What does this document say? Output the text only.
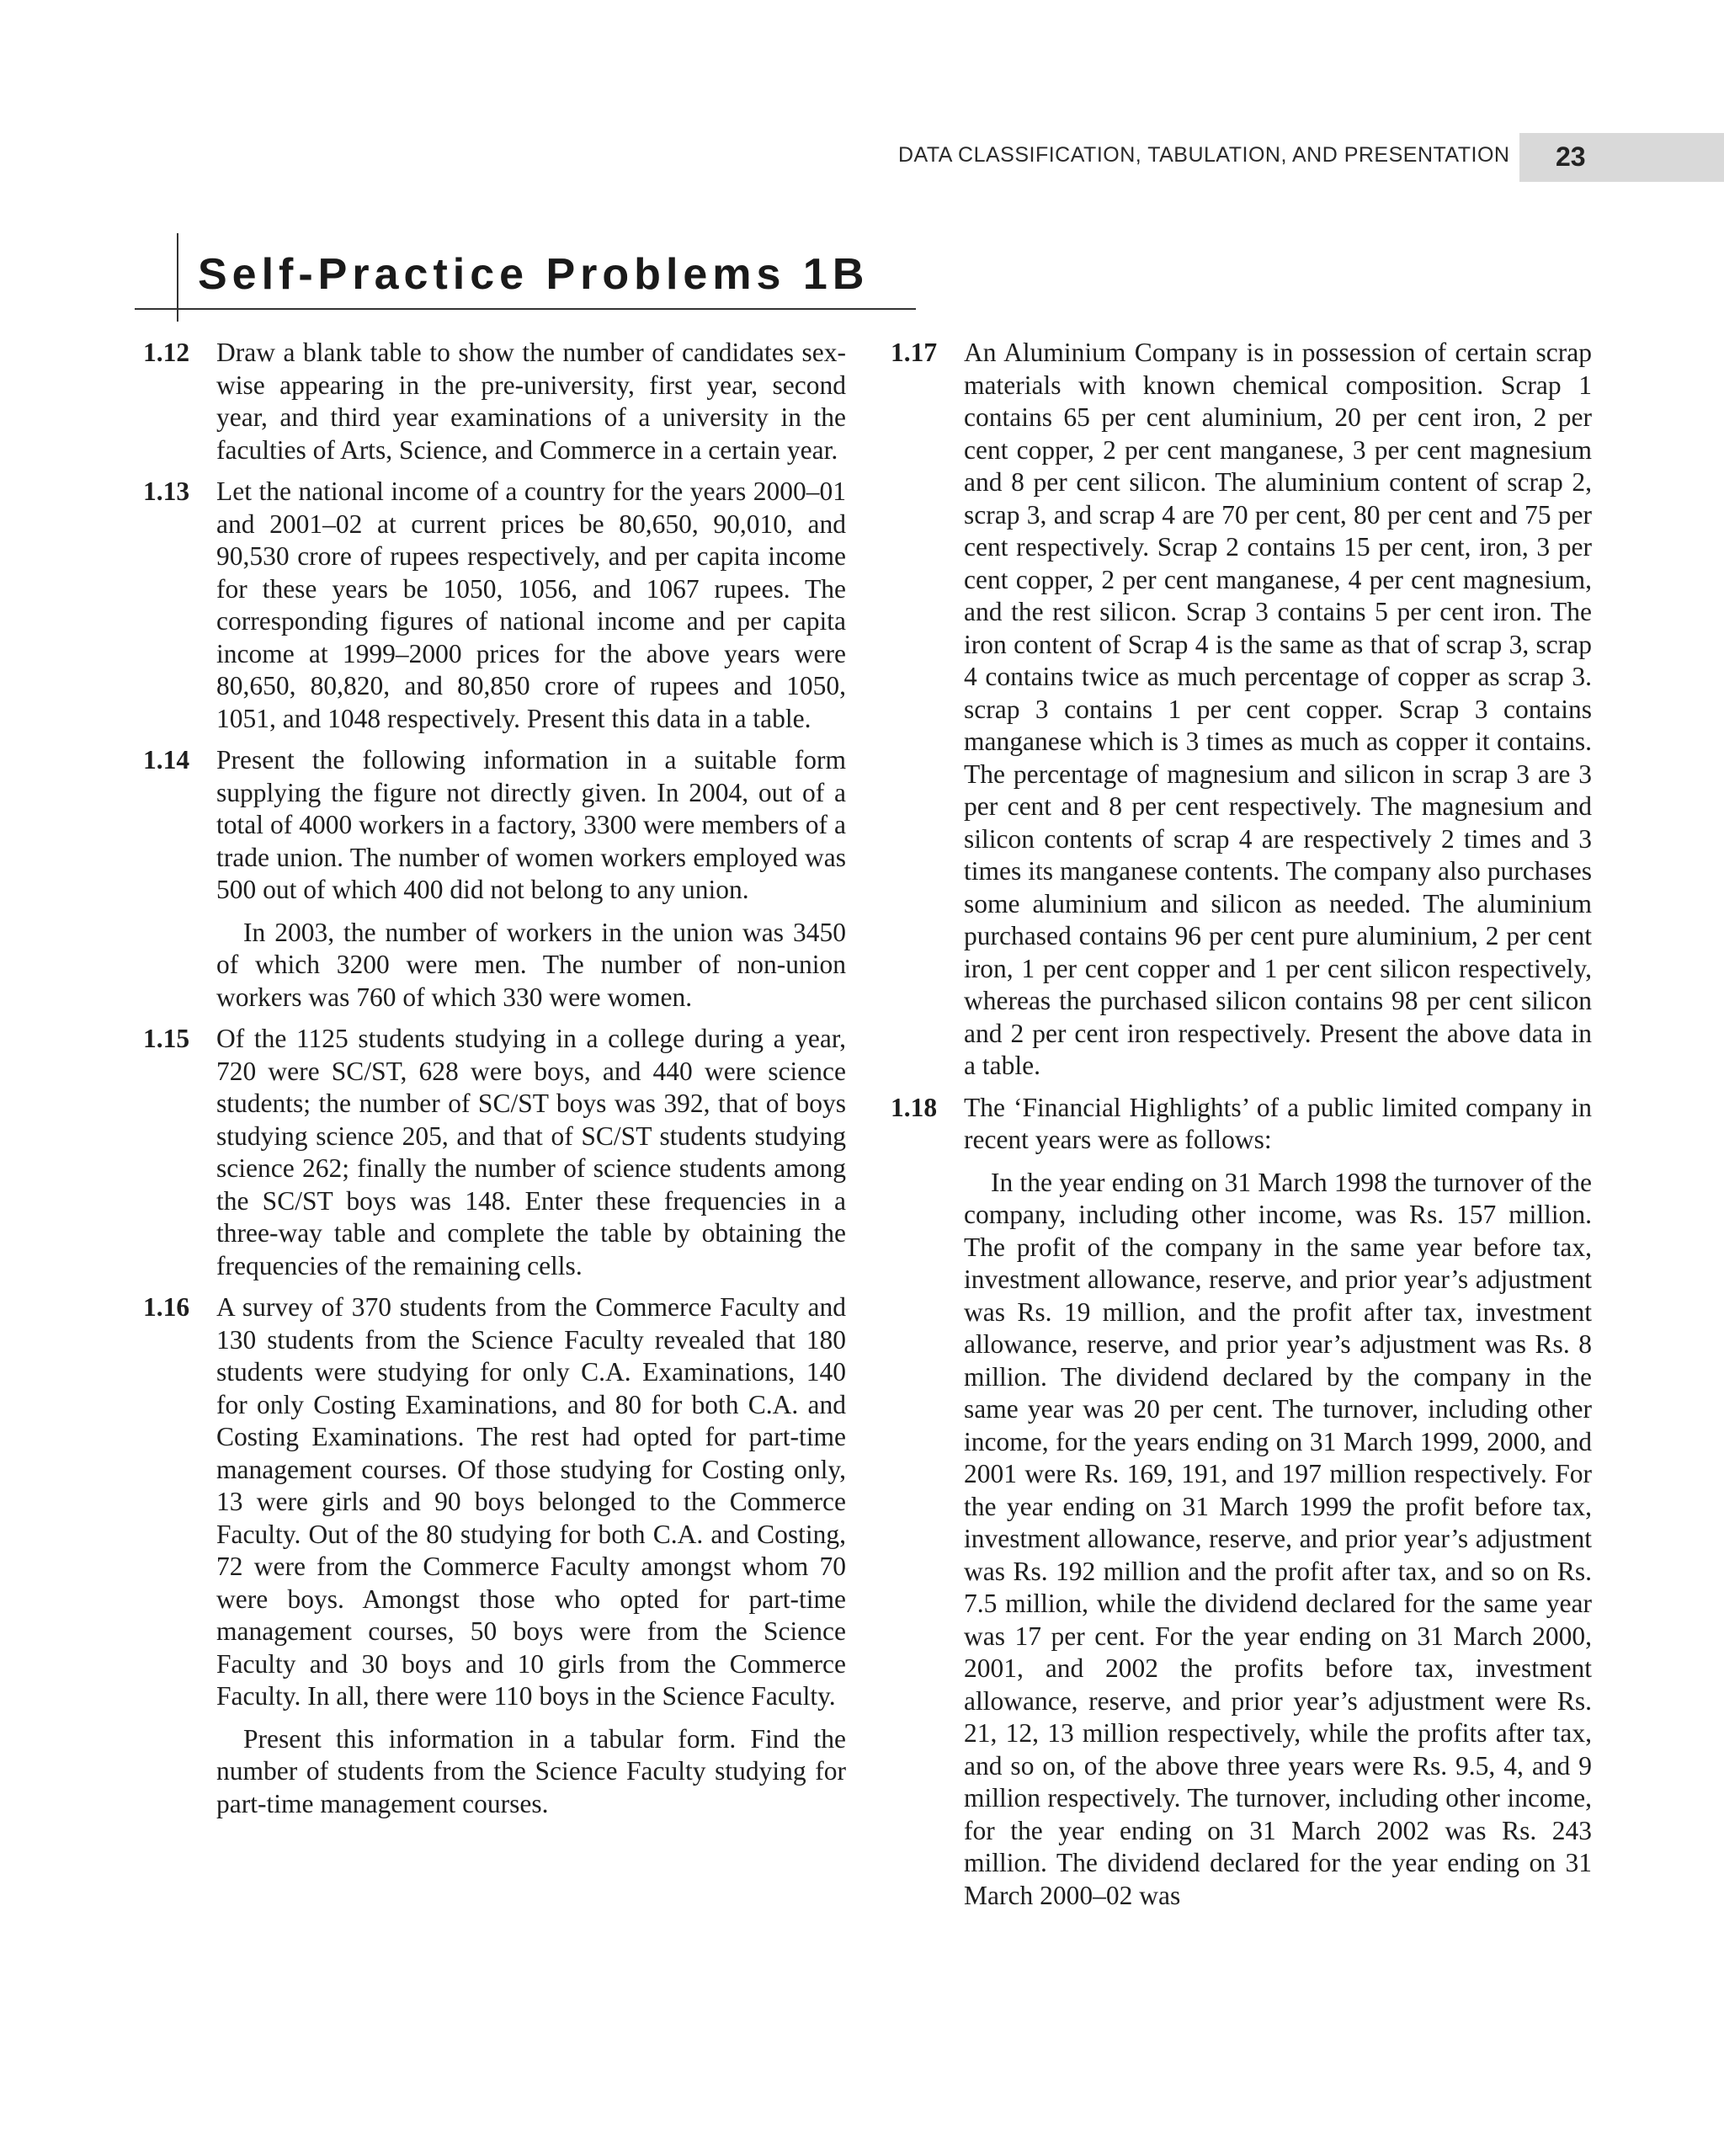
DATA CLASSIFICATION, TABULATION, AND PRESENTATION 23
Self-Practice Problems 1B
1.12 Draw a blank table to show the number of candidates sex-wise appearing in the pre-university, first year, second year, and third year examinations of a university in the faculties of Arts, Science, and Commerce in a certain year.

1.13 Let the national income of a country for the years 2000–01 and 2001–02 at current prices be 80,650, 90,010, and 90,530 crore of rupees respectively, and per capita income for these years be 1050, 1056, and 1067 rupees. The corresponding figures of national income and per capita income at 1999–2000 prices for the above years were 80,650, 80,820, and 80,850 crore of rupees and 1050, 1051, and 1048 respectively. Present this data in a table.

1.14 Present the following information in a suitable form supplying the figure not directly given. In 2004, out of a total of 4000 workers in a factory, 3300 were members of a trade union. The number of women workers employed was 500 out of which 400 did not belong to any union.

In 2003, the number of workers in the union was 3450 of which 3200 were men. The number of non-union workers was 760 of which 330 were women.

1.15 Of the 1125 students studying in a college during a year, 720 were SC/ST, 628 were boys, and 440 were science students; the number of SC/ST boys was 392, that of boys studying science 205, and that of SC/ST students studying science 262; finally the number of science students among the SC/ST boys was 148. Enter these frequencies in a three-way table and complete the table by obtaining the frequencies of the remaining cells.

1.16 A survey of 370 students from the Commerce Faculty and 130 students from the Science Faculty revealed that 180 students were studying for only C.A. Examinations, 140 for only Costing Examinations, and 80 for both C.A. and Costing Examinations. The rest had opted for part-time management courses. Of those studying for Costing only, 13 were girls and 90 boys belonged to the Commerce Faculty. Out of the 80 studying for both C.A. and Costing, 72 were from the Commerce Faculty amongst whom 70 were boys. Amongst those who opted for part-time management courses, 50 boys were from the Science Faculty and 30 boys and 10 girls from the Commerce Faculty. In all, there were 110 boys in the Science Faculty.

Present this information in a tabular form. Find the number of students from the Science Faculty studying for part-time management courses.

1.17 An Aluminium Company is in possession of certain scrap materials with known chemical composition. Scrap 1 contains 65 per cent aluminium, 20 per cent iron, 2 per cent copper, 2 per cent manganese, 3 per cent magnesium and 8 per cent silicon. The aluminium content of scrap 2, scrap 3, and scrap 4 are 70 per cent, 80 per cent and 75 per cent respectively. Scrap 2 contains 15 per cent, iron, 3 per cent copper, 2 per cent manganese, 4 per cent magnesium, and the rest silicon. Scrap 3 contains 5 per cent iron. The iron content of Scrap 4 is the same as that of scrap 3, scrap 4 contains twice as much percentage of copper as scrap 3. scrap 3 contains 1 per cent copper. Scrap 3 contains manganese which is 3 times as much as copper it contains. The percentage of magnesium and silicon in scrap 3 are 3 per cent and 8 per cent respectively. The magnesium and silicon contents of scrap 4 are respectively 2 times and 3 times its manganese contents. The company also purchases some aluminium and silicon as needed. The aluminium purchased contains 96 per cent pure aluminium, 2 per cent iron, 1 per cent copper and 1 per cent silicon respectively, whereas the purchased silicon contains 98 per cent silicon and 2 per cent iron respectively. Present the above data in a table.

1.18 The ‘Financial Highlights’ of a public limited company in recent years were as follows:

In the year ending on 31 March 1998 the turnover of the company, including other income, was Rs. 157 million. The profit of the company in the same year before tax, investment allowance, reserve, and prior year’s adjustment was Rs. 19 million, and the profit after tax, investment allowance, reserve, and prior year’s adjustment was Rs. 8 million. The dividend declared by the company in the same year was 20 per cent. The turnover, including other income, for the years ending on 31 March 1999, 2000, and 2001 were Rs. 169, 191, and 197 million respectively. For the year ending on 31 March 1999 the profit before tax, investment allowance, reserve, and prior year’s adjustment was Rs. 192 million and the profit after tax, and so on Rs. 7.5 million, while the dividend declared for the same year was 17 per cent. For the year ending on 31 March 2000, 2001, and 2002 the profits before tax, investment allowance, reserve, and prior year’s adjustment were Rs. 21, 12, 13 million respectively, while the profits after tax, and so on, of the above three years were Rs. 9.5, 4, and 9 million respectively. The turnover, including other income, for the year ending on 31 March 2002 was Rs. 243 million. The dividend declared for the year ending on 31 March 2000–02 was
